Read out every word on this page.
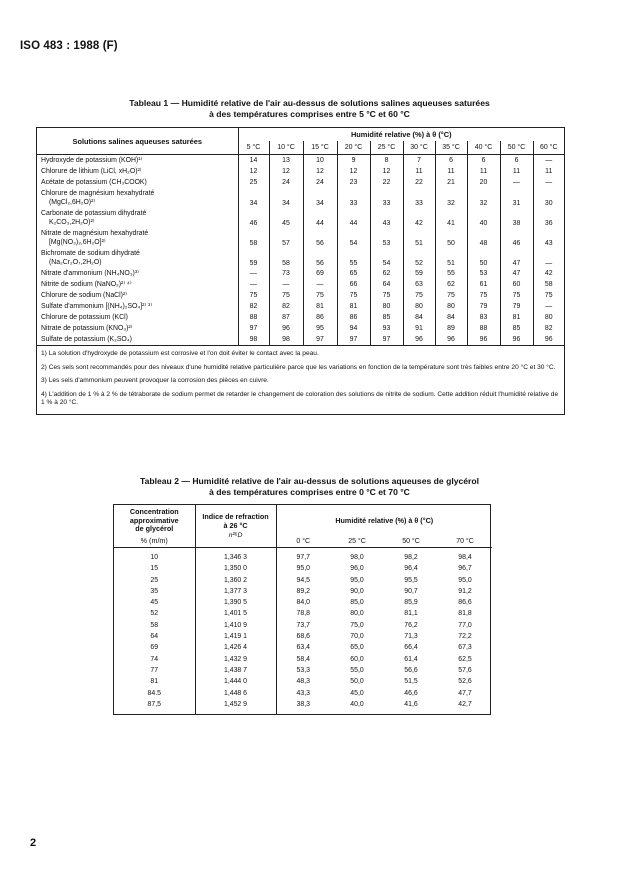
ISO 483 : 1988 (F)
Tableau 1 — Humidité relative de l'air au-dessus de solutions salines aqueuses saturées
à des températures comprises entre 5 °C et 60 °C
Solutions salines aqueuses saturées	Humidité relative (%) à θ (°C)									
	5 °C	10 °C	15 °C	20 °C	25 °C	30 °C	35 °C	40 °C	50 °C	60 °C

Hydroxyde de potassium (KOH)¹⁾	14	13	10	9	8	7	6	6	6	—

Chlorure de lithium (LiCl, xH₂O)²⁾	12	12	12	12	12	11	11	11	11	11

Acétate de potassium (CH₃COOK)	25	24	24	23	22	22	21	20	—	—

Chlorure de magnésium hexahydraté
(MgCl₂,6H₂O)²⁾	34	34	34	33	33	33	32	32	31	30

Carbonate de potassium dihydraté
K₂CO₃,2H₂O)²⁾	46	45	44	44	43	42	41	40	38	36

Nitrate de magnésium hexahydraté
[Mg(NO₃)₂,6H₂O]²⁾	58	57	56	54	53	51	50	48	46	43

Bichromate de sodium dihydraté
(Na₂Cr₂O₇,2H₂O)	59	58	56	55	54	52	51	50	47	—

Nitrate d'ammonium (NH₄NO₃)³⁾	—	73	69	65	62	59	55	53	47	42

Nitrite de sodium (NaNO₂)²⁾ ⁴⁾	—	—	—	66	64	63	62	61	60	58

Chlorure de sodium (NaCl)²⁾	75	75	75	75	75	75	75	75	75	75

Sulfate d'ammonium [(NH₄)₂SO₄]²⁾ ³⁾	82	82	81	81	80	80	80	79	79	—

Chlorure de potassium (KCl)	88	87	86	86	85	84	84	83	81	80

Nitrate de potassium (KNO₃)²⁾	97	96	95	94	93	91	89	88	85	82

Sulfate de potassium (K₂SO₄)	98	98	97	97	97	96	96	96	96	96

1) La solution d'hydroxyde de potassium est corrosive et l'on doit éviter le contact avec la peau.

2) Ces sels sont recommandés pour des niveaux d'une humidité relative particulière parce que les variations en fonction de la température sont très faibles entre 20 °C et 30 °C.

3) Les sels d'ammonium peuvent provoquer la corrosion des pièces en cuivre.

4) L'addition de 1 % à 2 % de tétraborate de sodium permet de retarder le changement de coloration des solutions de nitrite de sodium. Cette addition réduit l'humidité relative de 1 % à 20 °C.										

Tableau 2 — Humidité relative de l'air au-dessus de solutions aqueuses de glycérol
à des températures comprises entre 0 °C et 70 °C
Concentration
approximative
de glycérol
% (m/m)	Indice de refraction
à 26 °C
n²⁶D	Humidité relative (%) à θ (°C)			
		0 °C	25 °C	50 °C	70 °C
10	1,346 3	97,7	98,0	98,2	98,4
15	1,350 0	95,0	96,0	96,4	96,7
25	1,360 2	94,5	95,0	95,5	95,0
35	1,377 3	89,2	90,0	90,7	91,2
45	1,390 5	84,0	85,0	85,9	86,6
52	1,401 5	78,8	80,0	81,1	81,8
58	1,410 9	73,7	75,0	76,2	77,0
64	1,419 1	68,6	70,0	71,3	72,2
69	1,426 4	63,4	65,0	66,4	67,3
74	1,432 9	58,4	60,0	61,4	62,5
77	1,438 7	53,3	55,0	56,6	57,6
81	1,444 0	48,3	50,0	51,5	52,6
84.5	1,448 6	43,3	45,0	46,6	47,7
87,5	1,452 9	38,3	40,0	41,6	42,7
2
